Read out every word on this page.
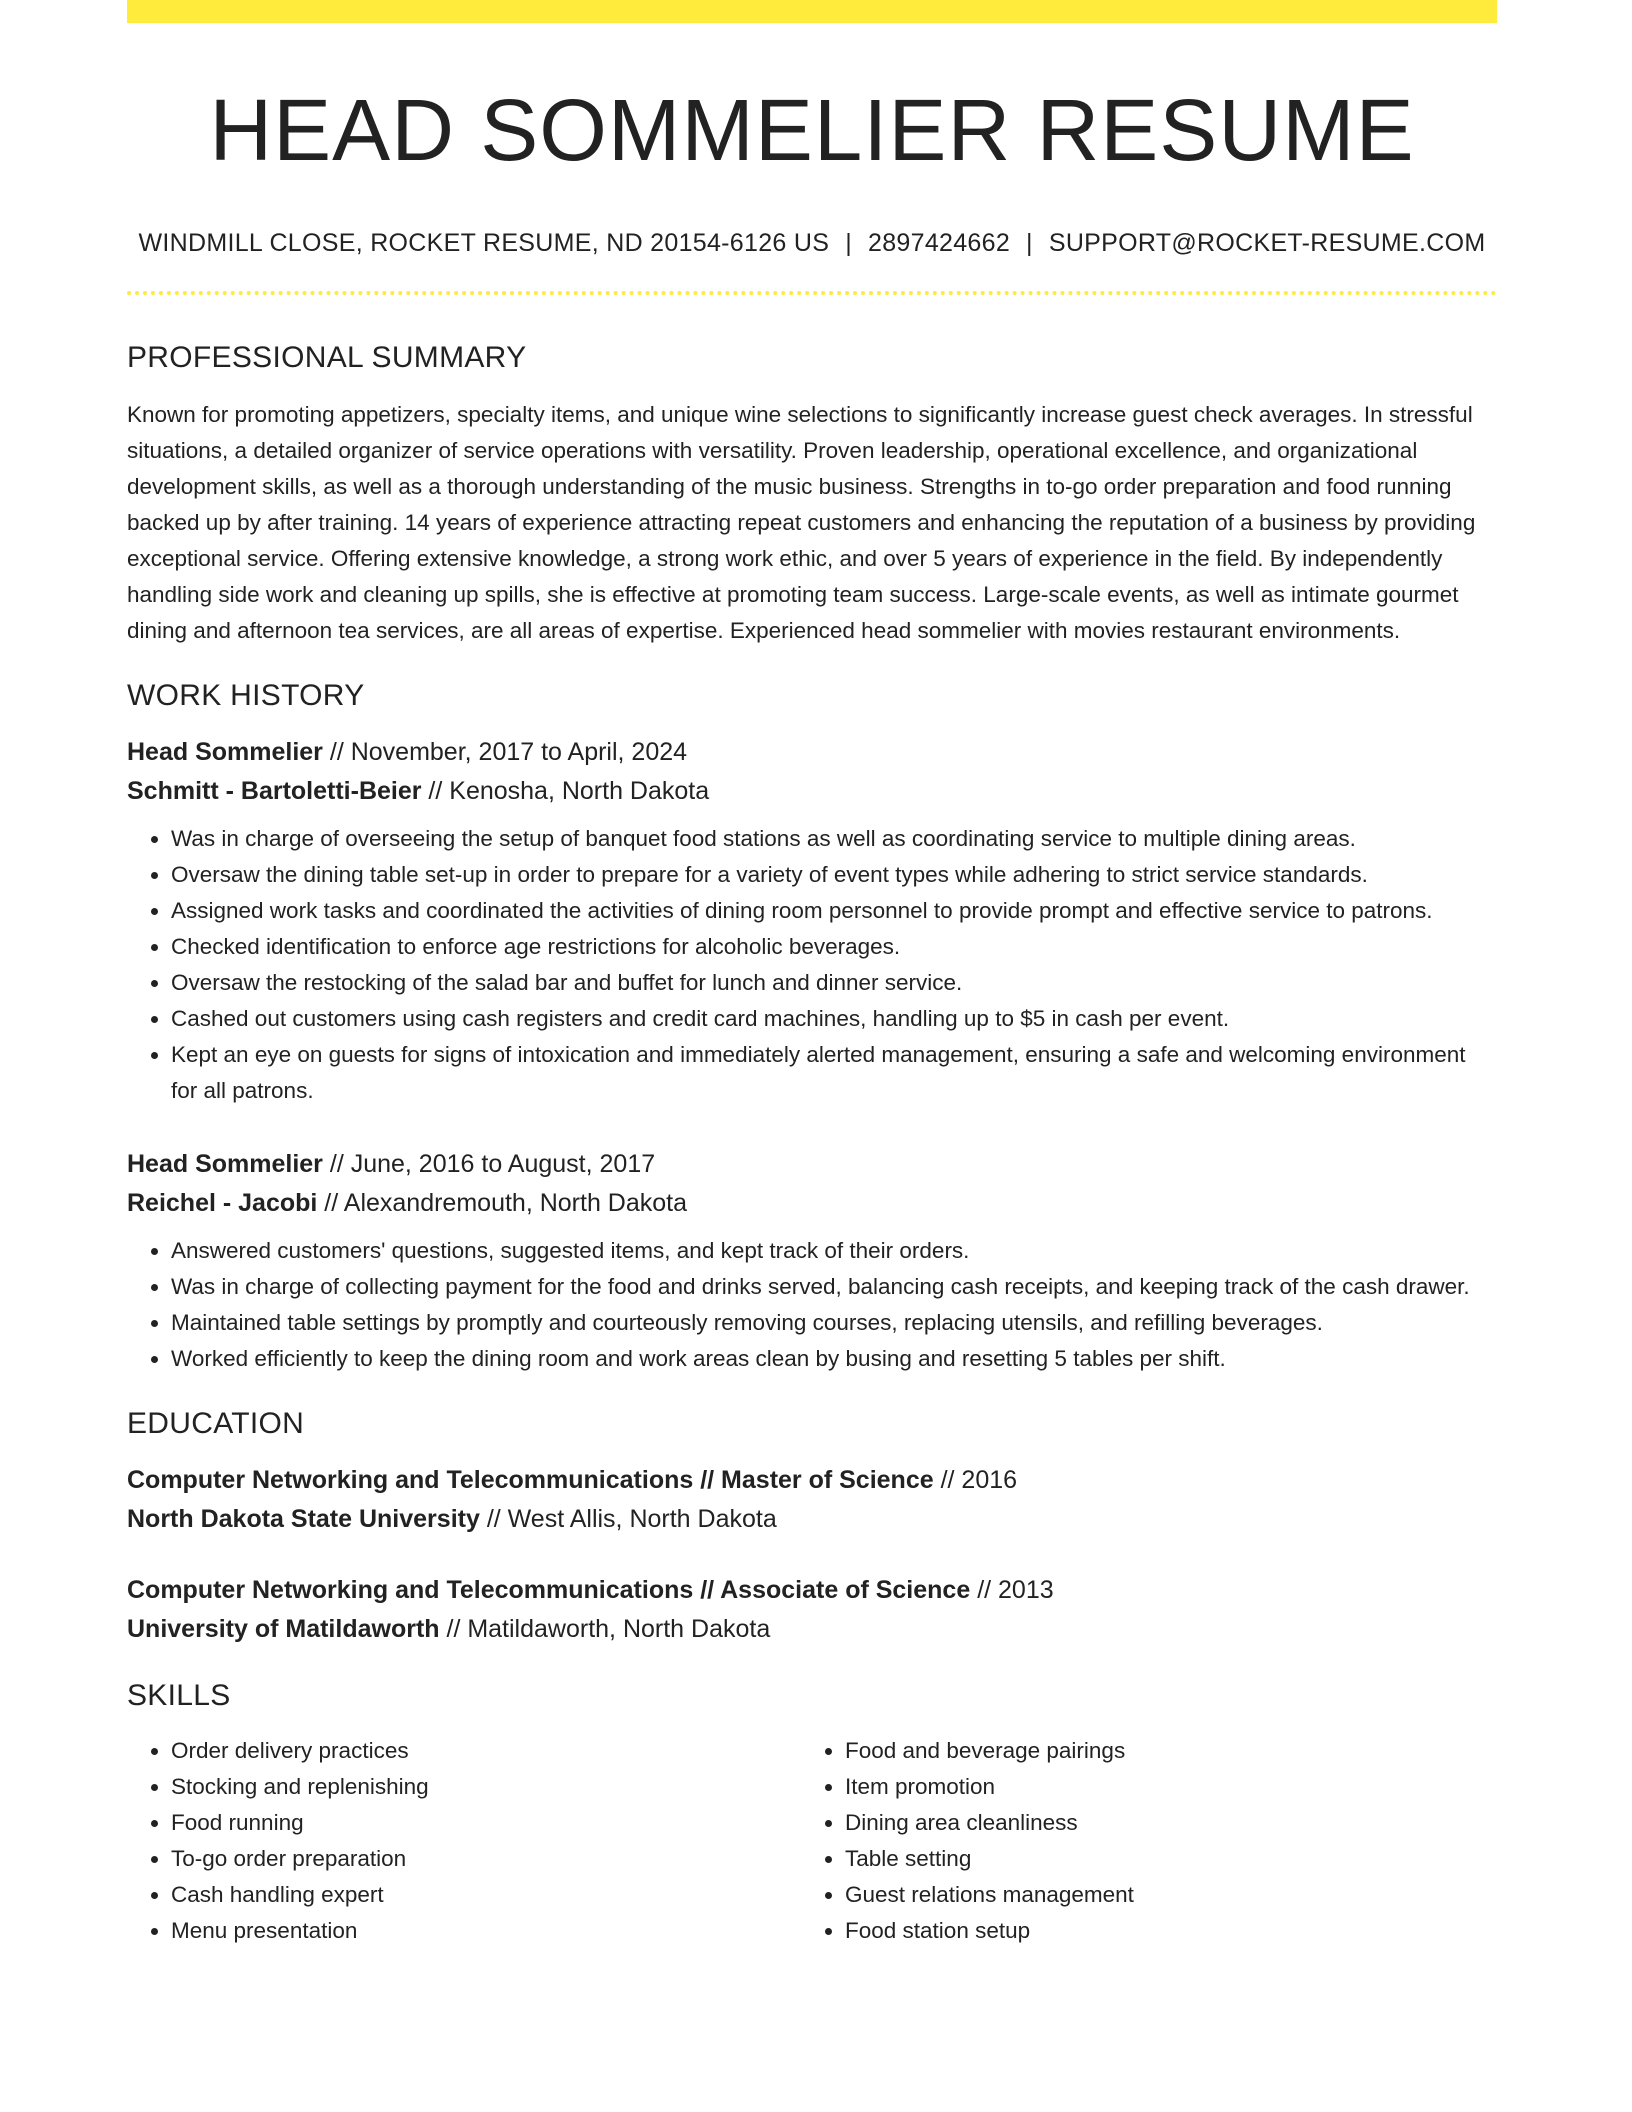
HEAD SOMMELIER RESUME
WINDMILL CLOSE, ROCKET RESUME, ND 20154-6126 US | 2897424662 | SUPPORT@ROCKET-RESUME.COM
PROFESSIONAL SUMMARY

Known for promoting appetizers, specialty items, and unique wine selections to significantly increase guest check averages. In stressful situations, a detailed organizer of service operations with versatility. Proven leadership, operational excellence, and organizational development skills, as well as a thorough understanding of the music business. Strengths in to-go order preparation and food running backed up by after training. 14 years of experience attracting repeat customers and enhancing the reputation of a business by providing exceptional service. Offering extensive knowledge, a strong work ethic, and over 5 years of experience in the field. By independently handling side work and cleaning up spills, she is effective at promoting team success. Large-scale events, as well as intimate gourmet dining and afternoon tea services, are all areas of expertise. Experienced head sommelier with movies restaurant environments.

WORK HISTORY
Head Sommelier // November, 2017 to April, 2024
Schmitt - Bartoletti-Beier // Kenosha, North Dakota
• Was in charge of overseeing the setup of banquet food stations as well as coordinating service to multiple dining areas.
• Oversaw the dining table set-up in order to prepare for a variety of event types while adhering to strict service standards.
• Assigned work tasks and coordinated the activities of dining room personnel to provide prompt and effective service to patrons.
• Checked identification to enforce age restrictions for alcoholic beverages.
• Oversaw the restocking of the salad bar and buffet for lunch and dinner service.
• Cashed out customers using cash registers and credit card machines, handling up to $5 in cash per event.
• Kept an eye on guests for signs of intoxication and immediately alerted management, ensuring a safe and welcoming environment for all patrons.
Head Sommelier // June, 2016 to August, 2017
Reichel - Jacobi // Alexandremouth, North Dakota
• Answered customers' questions, suggested items, and kept track of their orders.
• Was in charge of collecting payment for the food and drinks served, balancing cash receipts, and keeping track of the cash drawer.
• Maintained table settings by promptly and courteously removing courses, replacing utensils, and refilling beverages.
• Worked efficiently to keep the dining room and work areas clean by busing and resetting 5 tables per shift.
EDUCATION
Computer Networking and Telecommunications // Master of Science // 2016
North Dakota State University // West Allis, North Dakota
Computer Networking and Telecommunications // Associate of Science // 2013
University of Matildaworth // Matildaworth, North Dakota
SKILLS
• Order delivery practices
• Stocking and replenishing
• Food running
• To-go order preparation
• Cash handling expert
• Menu presentation
• Food and beverage pairings
• Item promotion
• Dining area cleanliness
• Table setting
• Guest relations management
• Food station setup
